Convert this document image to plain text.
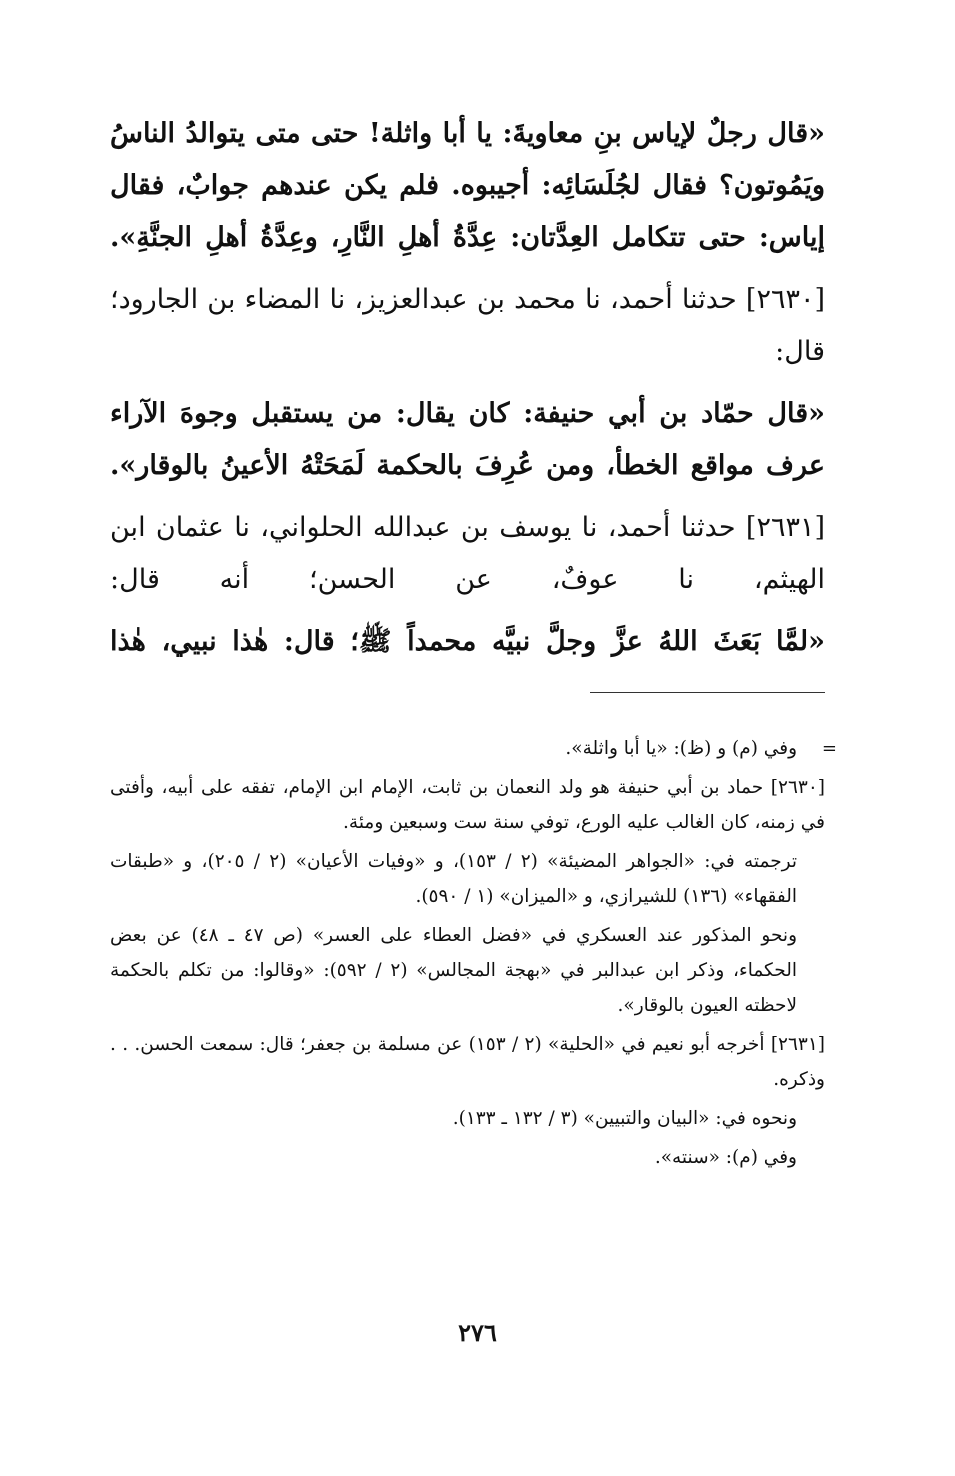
«قال رجلٌ لإياس بنِ معاويةَ: يا أبا واثلة! حتى متى يتوالدُ الناسُ ويَمُوتون؟ فقال لجُلَسَائِه: أجيبوه. فلم يكن عندهم جوابٌ، فقال إياس: حتى تتكامل العِدَّتان: عِدَّةُ أهلِ النَّارِ، وعِدَّةُ أهلِ الجنَّةِ».

[٢٦٣٠] حدثنا أحمد، نا محمد بن عبدالعزيز، نا المضاء بن الجارود؛ قال:

«قال حمّاد بن أبي حنيفة: كان يقال: من يستقبل وجوهَ الآراء عرف مواقع الخطأ، ومن عُرِفَ بالحكمة لَمَحَتْهُ الأعينُ بالوقار».

[٢٦٣١] حدثنا أحمد، نا يوسف بن عبدالله الحلواني، نا عثمان ابن الهيثم، نا عوفٌ، عن الحسن؛ أنه قال:

«لمَّا بَعَثَ اللهُ عزَّ وجلَّ نبيَّه محمداً ﷺ؛ قال: هٰذا نبيي، هٰذا

=

وفي (م) و (ظ): «يا أبا واثلة».

[٢٦٣٠] حماد بن أبي حنيفة هو ولد النعمان بن ثابت، الإمام ابن الإمام، تفقه على أبيه، وأفتى في زمنه، كان الغالب عليه الورع، توفي سنة ست وسبعين ومئة.

ترجمته في: «الجواهر المضيئة» (٢ / ١٥٣)، و «وفيات الأعيان» (٢ / ٢٠٥)، و «طبقات الفقهاء» (١٣٦) للشيرازي، و «الميزان» (١ / ٥٩٠).

ونحو المذكور عند العسكري في «فضل العطاء على العسر» (ص ٤٧ ـ ٤٨) عن بعض الحكماء، وذكر ابن عبدالبر في «بهجة المجالس» (٢ / ٥٩٢): «وقالوا: من تكلم بالحكمة لاحظته العيون بالوقار».

[٢٦٣١] أخرجه أبو نعيم في «الحلية» (٢ / ١٥٣) عن مسلمة بن جعفر؛ قال: سمعت الحسن. . . وذكره.

ونحوه في: «البيان والتبيين» (٣ / ١٣٢ ـ ١٣٣).

وفي (م): «سنته».

٢٧٦
